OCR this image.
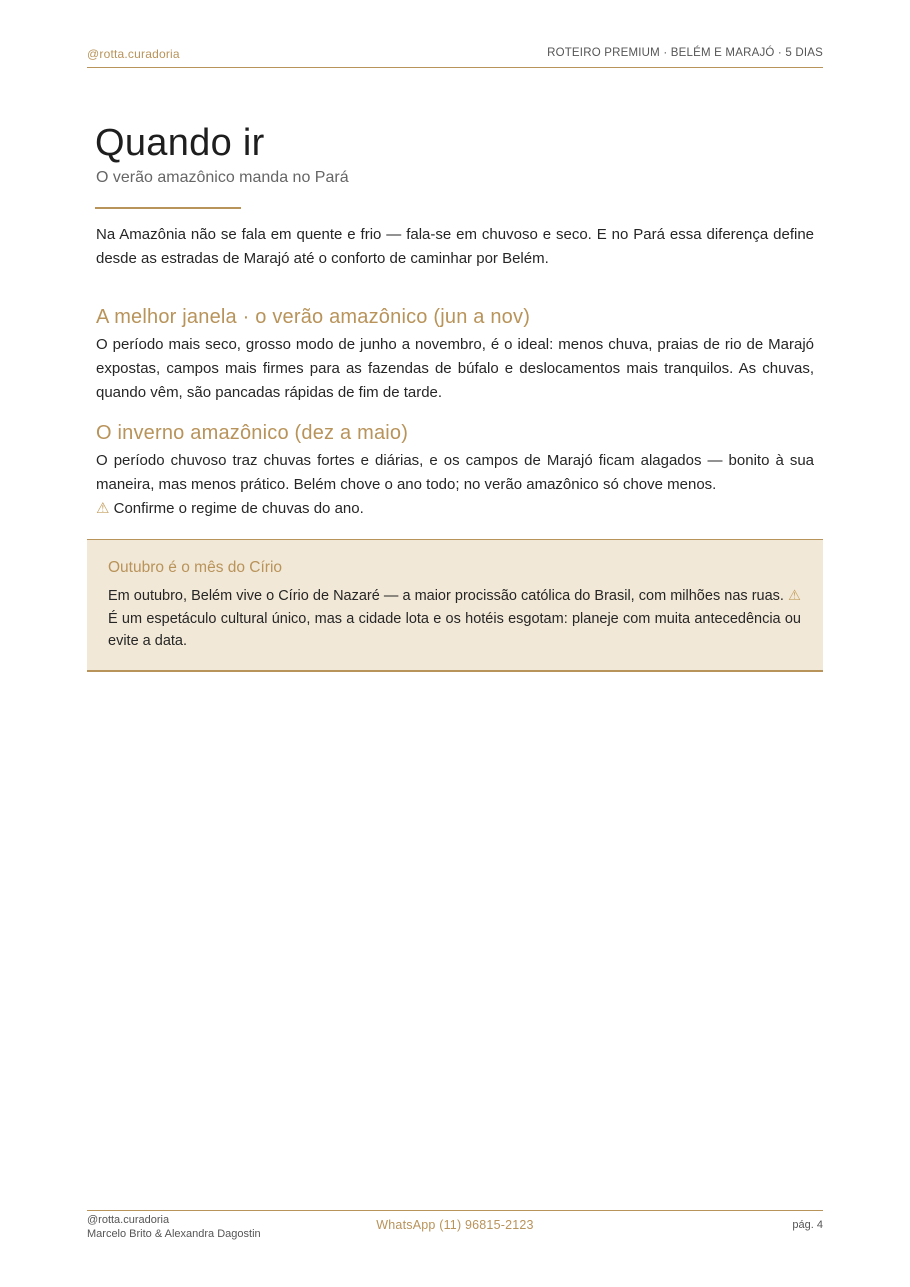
@rotta.curadoria	ROTEIRO PREMIUM · BELÉM E MARAJÓ · 5 DIAS
Quando ir
O verão amazônico manda no Pará

Na Amazônia não se fala em quente e frio — fala-se em chuvoso e seco. E no Pará essa diferença define desde as estradas de Marajó até o conforto de caminhar por Belém.

A melhor janela · o verão amazônico (jun a nov)

O período mais seco, grosso modo de junho a novembro, é o ideal: menos chuva, praias de rio de Marajó expostas, campos mais firmes para as fazendas de búfalo e deslocamentos mais tranquilos. As chuvas, quando vêm, são pancadas rápidas de fim de tarde.

O inverno amazônico (dez a maio)

O período chuvoso traz chuvas fortes e diárias, e os campos de Marajó ficam alagados — bonito à sua maneira, mas menos prático. Belém chove o ano todo; no verão amazônico só chove menos.
⚠ Confirme o regime de chuvas do ano.

Outubro é o mês do Círio
Em outubro, Belém vive o Círio de Nazaré — a maior procissão católica do Brasil, com milhões nas ruas. ⚠ É um espetáculo cultural único, mas a cidade lota e os hotéis esgotam: planeje com muita antecedência ou evite a data.
@rotta.curadoria
Marcelo Brito & Alexandra Dagostin
WhatsApp (11) 96815-2123	pág. 4
